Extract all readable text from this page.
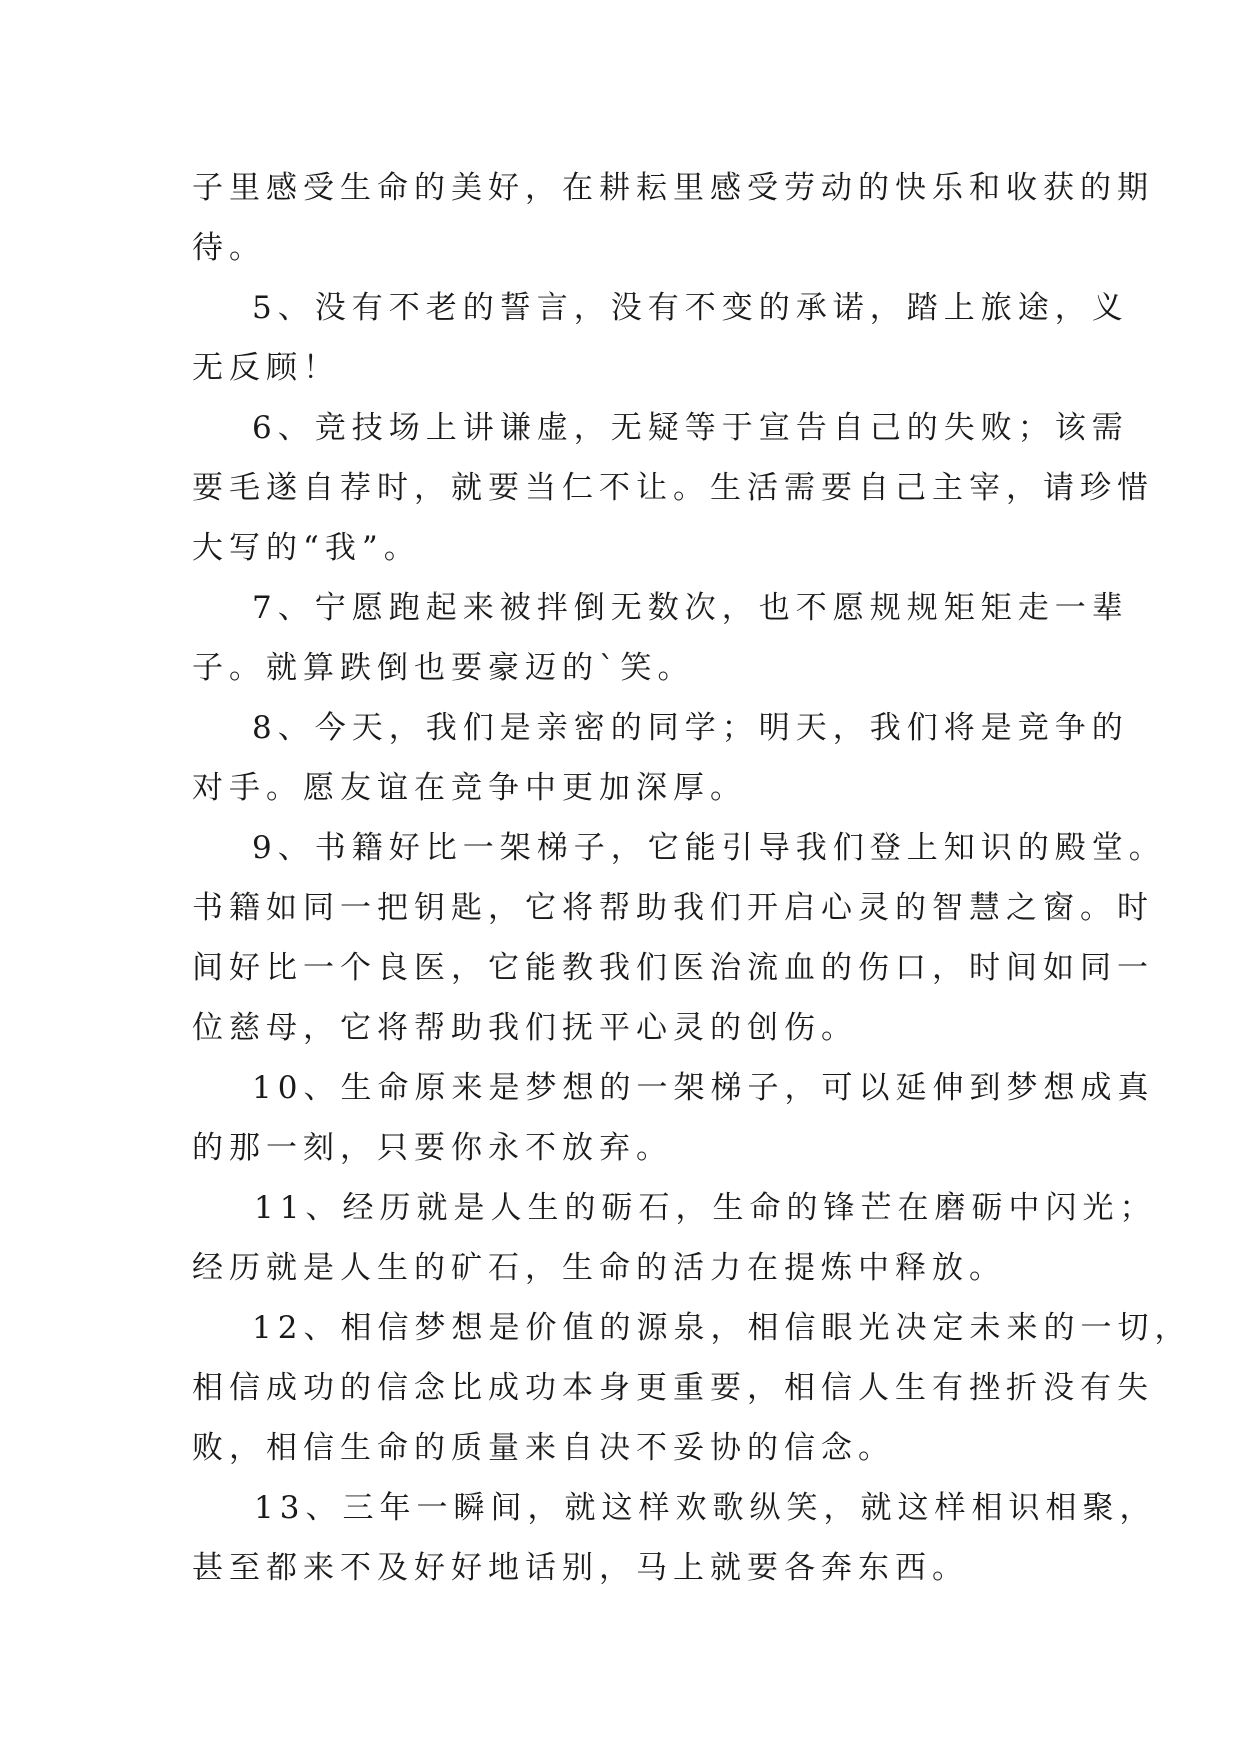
子里感受生命的美好，在耕耘里感受劳动的快乐和收获的期
待。
5、没有不老的誓言，没有不变的承诺，踏上旅途，义
无反顾！
6、竞技场上讲谦虚，无疑等于宣告自己的失败；该需
要毛遂自荐时，就要当仁不让。生活需要自己主宰，请珍惜
大写的“我”。
7、宁愿跑起来被拌倒无数次，也不愿规规矩矩走一辈
子。就算跌倒也要豪迈的`笑。
8、今天，我们是亲密的同学；明天，我们将是竞争的
对手。愿友谊在竞争中更加深厚。
9、书籍好比一架梯子，它能引导我们登上知识的殿堂。
书籍如同一把钥匙，它将帮助我们开启心灵的智慧之窗。时
间好比一个良医，它能教我们医治流血的伤口，时间如同一
位慈母，它将帮助我们抚平心灵的创伤。
10、生命原来是梦想的一架梯子，可以延伸到梦想成真
的那一刻，只要你永不放弃。
11、经历就是人生的砺石，生命的锋芒在磨砺中闪光；
经历就是人生的矿石，生命的活力在提炼中释放。
12、相信梦想是价值的源泉，相信眼光决定未来的一切，
相信成功的信念比成功本身更重要，相信人生有挫折没有失
败，相信生命的质量来自决不妥协的信念。
13、三年一瞬间，就这样欢歌纵笑，就这样相识相聚，
甚至都来不及好好地话别，马上就要各奔东西。
